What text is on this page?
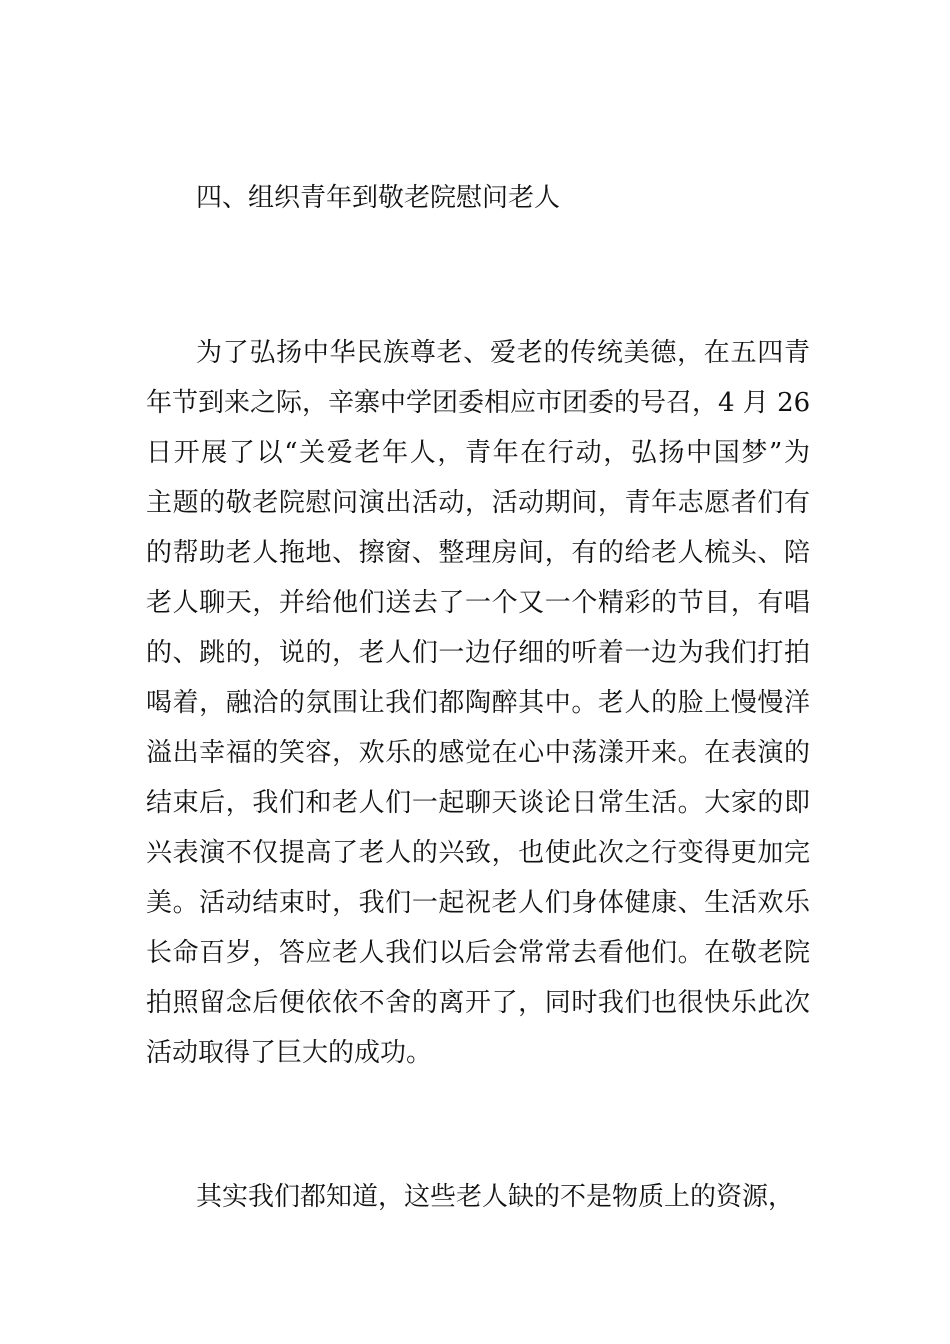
四、组织青年到敬老院慰问老人
为了弘扬中华民族尊老、爱老的传统美德，在五四青
年节到来之际，辛寨中学团委相应市团委的号召，4 月 26
日开展了以“关爱老年人，青年在行动，弘扬中国梦”为
主题的敬老院慰问演出活动，活动期间，青年志愿者们有
的帮助老人拖地、擦窗、整理房间，有的给老人梳头、陪
老人聊天，并给他们送去了一个又一个精彩的节目，有唱
的、跳的，说的，老人们一边仔细的听着一边为我们打拍
喝着，融洽的氛围让我们都陶醉其中。老人的脸上慢慢洋
溢出幸福的笑容，欢乐的感觉在心中荡漾开来。在表演的
结束后，我们和老人们一起聊天谈论日常生活。大家的即
兴表演不仅提高了老人的兴致，也使此次之行变得更加完
美。活动结束时，我们一起祝老人们身体健康、生活欢乐
长命百岁，答应老人我们以后会常常去看他们。在敬老院
拍照留念后便依依不舍的离开了，同时我们也很快乐此次
活动取得了巨大的成功。
其实我们都知道，这些老人缺的不是物质上的资源，
